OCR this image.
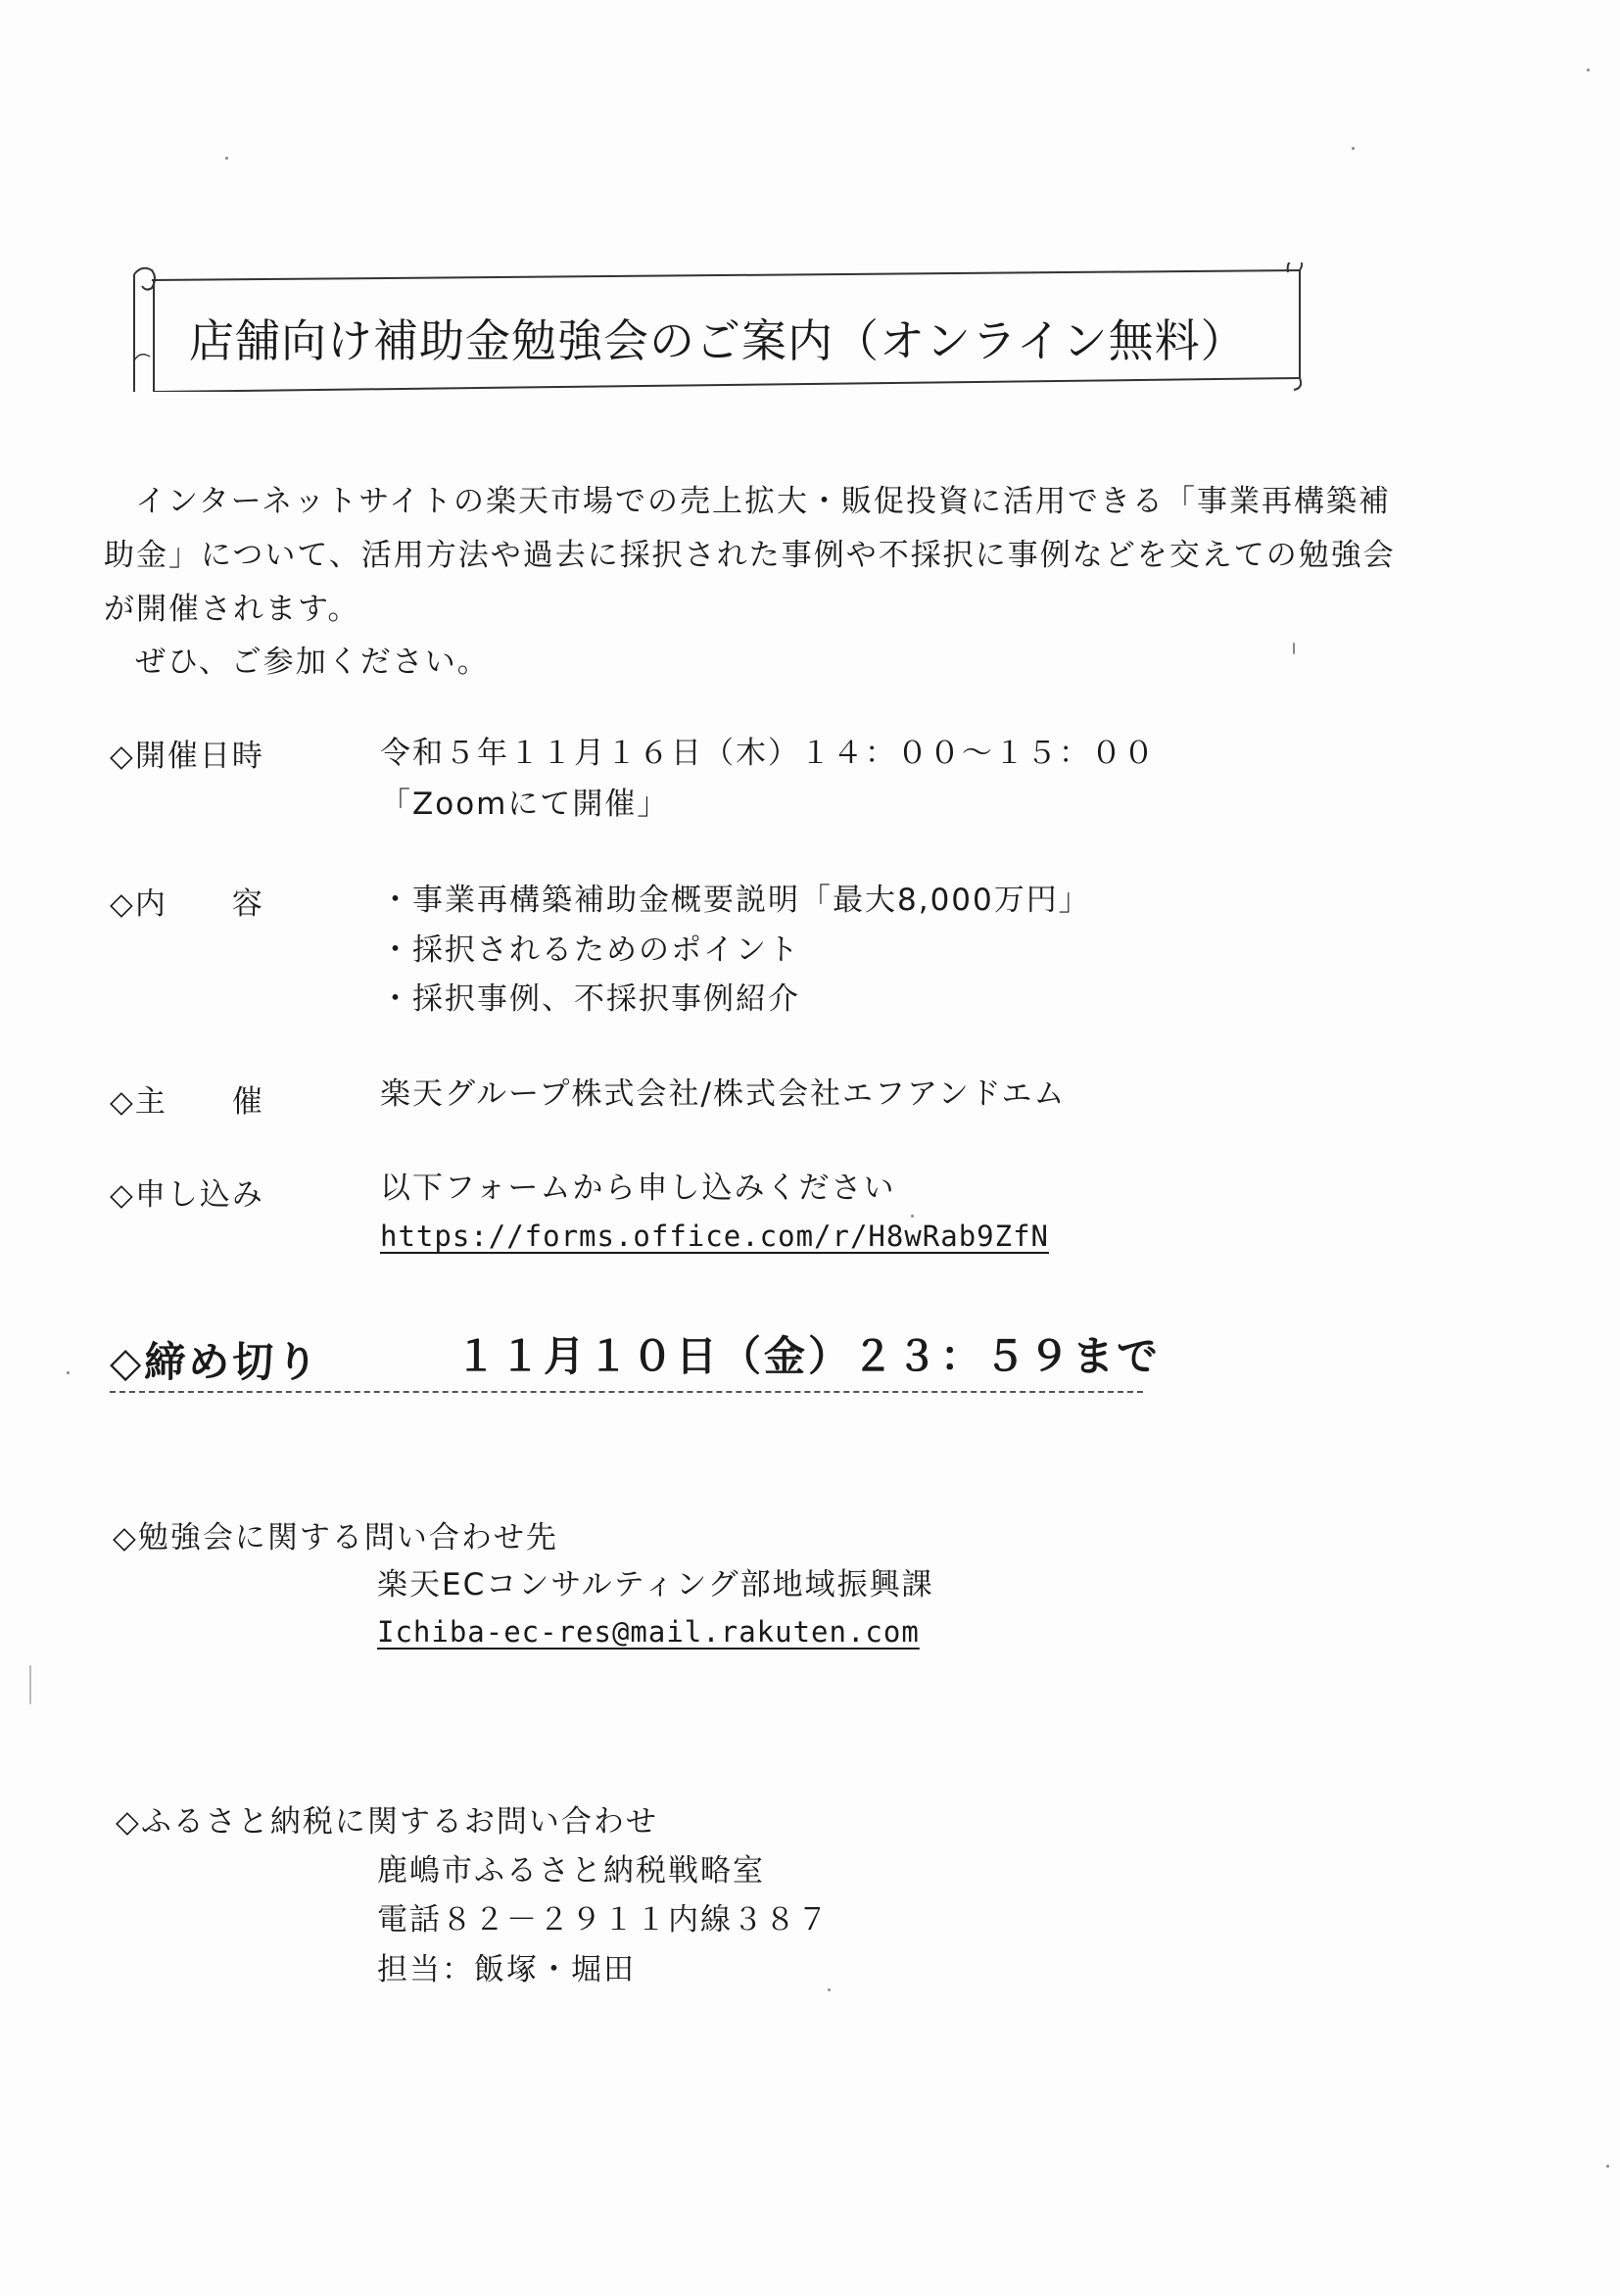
店舗向け補助金勉強会のご案内（オンライン無料）
インターネットサイトの楽天市場での売上拡大・販促投資に活用できる「事業再構築補
助金」について、活用方法や過去に採択された事例や不採択に事例などを交えての勉強会
が開催されます。
ぜひ、ご参加ください。
◇開催日時	令和５年１１月１６日（木）１４：００～１５：００
「Zoomにて開催」
◇内　　容	・事業再構築補助金概要説明「最大8,000万円」
・採択されるためのポイント
・採択事例、不採択事例紹介
◇主　　催	楽天グループ株式会社/株式会社エフアンドエム
◇申し込み	以下フォームから申し込みください
https://forms.office.com/r/H8wRab9ZfN
◇締め切り	１１月１０日（金）２３：５９まで
◇勉強会に関する問い合わせ先
楽天ECコンサルティング部地域振興課
Ichiba-ec-res@mail.rakuten.com
◇ふるさと納税に関するお問い合わせ
鹿嶋市ふるさと納税戦略室
電話８２－２９１１内線３８７
担当：飯塚・堀田
